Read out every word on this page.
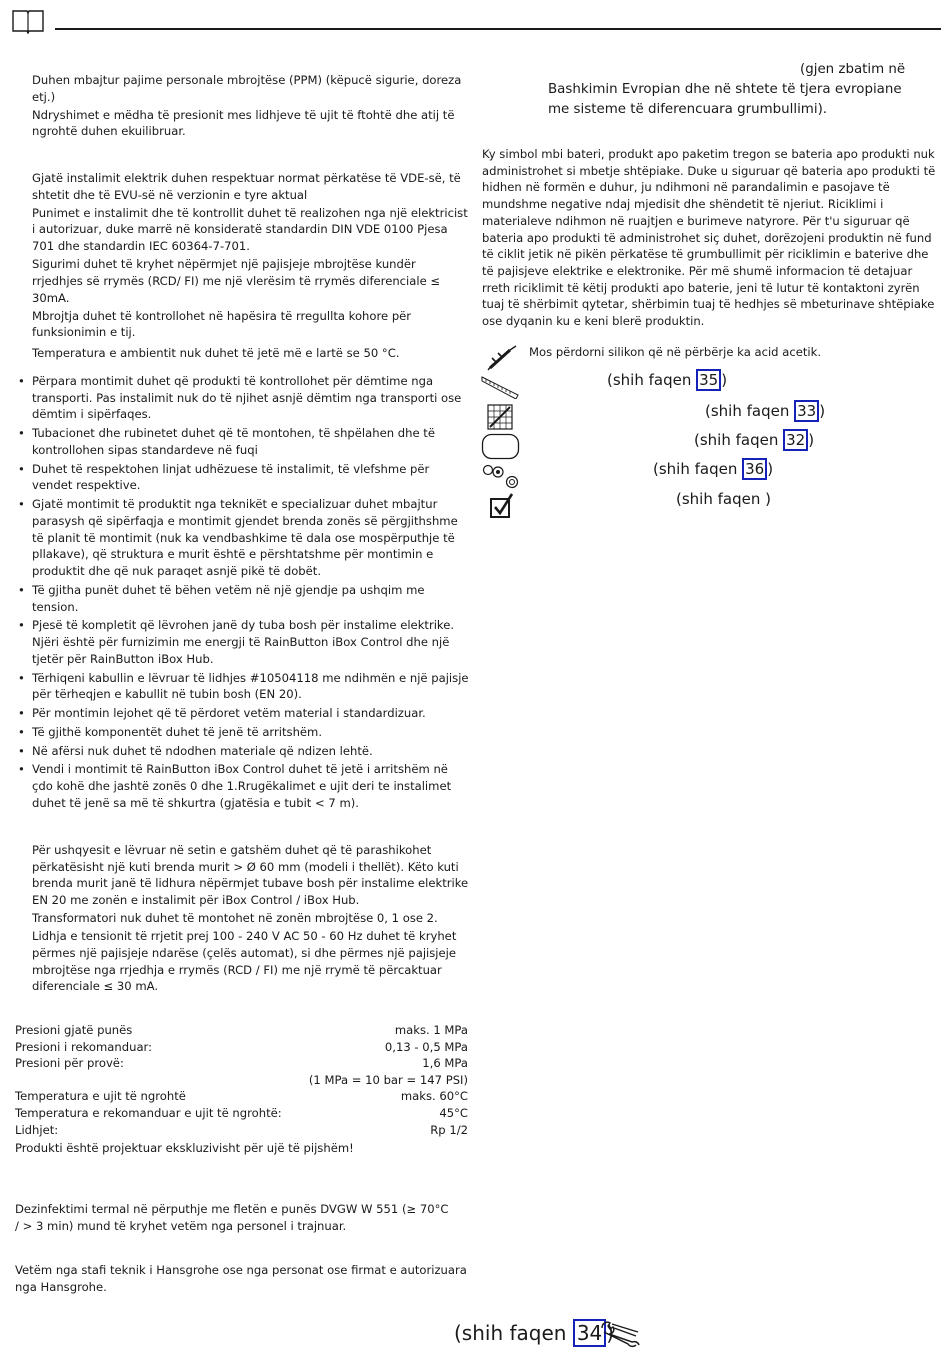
Duhen mbajtur pajime personale mbrojtëse (PPM) (këpucë sigurie, doreza etj.)

Ndryshimet e mëdha të presionit mes lidhjeve të ujit të ftohtë dhe atij të ngrohtë duhen ekuilibruar.

Gjatë instalimit elektrik duhen respektuar normat përkatëse të VDE-së, të shtetit dhe të EVU-së në verzionin e tyre aktual

Punimet e instalimit dhe të kontrollit duhet të realizohen nga një elektricist i autorizuar, duke marrë në konsideratë standardin DIN VDE 0100 Pjesa 701 dhe standardin IEC 60364-7-701.

Sigurimi duhet të kryhet nëpërmjet një pajisjeje mbrojtëse kundër rrjedhjes së rrymës (RCD/ FI) me një vlerësim të rrymës diferenciale ≤ 30mA.

Mbrojtja duhet të kontrollohet në hapësira të rregullta kohore për funksionimin e tij.

Temperatura e ambientit nuk duhet të jetë më e lartë se 50 °C.

• Përpara montimit duhet që produkti të kontrollohet për dëmtime nga transporti. Pas instalimit nuk do të njihet asnjë dëmtim nga transporti ose dëmtim i sipërfaqes.
• Tubacionet dhe rubinetet duhet që të montohen, të shpëlahen dhe të kontrollohen sipas standardeve në fuqi
• Duhet të respektohen linjat udhëzuese të instalimit, të vlefshme për vendet respektive.
• Gjatë montimit të produktit nga teknikët e specializuar duhet mbajtur parasysh që sipërfaqja e montimit gjendet brenda zonës së përgjithshme të planit të montimit (nuk ka vendbashkime të dala ose mospërputhje të pllakave), që struktura e murit është e përshtatshme për montimin e produktit dhe që nuk paraqet asnjë pikë të dobët.
• Të gjitha punët duhet të bëhen vetëm në një gjendje pa ushqim me tension.
• Pjesë të kompletit që lëvrohen janë dy tuba bosh për instalime elektrike. Njëri është për furnizimin me energji të RainButton iBox Control dhe një tjetër për RainButton iBox Hub.
• Tërhiqeni kabullin e lëvruar të lidhjes #10504118 me ndihmën e një pajisje për tërheqjen e kabullit në tubin bosh (EN 20).
• Për montimin lejohet që të përdoret vetëm material i standardizuar.
• Të gjithë komponentët duhet të jenë të arritshëm.
• Në afërsi nuk duhet të ndodhen materiale që ndizen lehtë.
• Vendi i montimit të RainButton iBox Control duhet të jetë i arritshëm në çdo kohë dhe jashtë zonës 0 dhe 1.Rrugëkalimet e ujit deri te instalimet duhet të jenë sa më të shkurtra (gjatësia e tubit < 7 m).

Për ushqyesit e lëvruar në setin e gatshëm duhet që të parashikohet përkatësisht një kuti brenda murit > Ø 60 mm (modeli i thellët). Këto kuti brenda murit janë të lidhura nëpërmjet tubave bosh për instalime elektrike EN 20 me zonën e instalimit për iBox Control / iBox Hub.

Transformatori nuk duhet të montohet në zonën mbrojtëse 0, 1 ose 2.

Lidhja e tensionit të rrjetit prej 100 - 240 V AC 50 - 60 Hz duhet të kryhet përmes një pajisjeje ndarëse (çelës automat), si dhe përmes një pajisjeje mbrojtëse nga rrjedhja e rrymës (RCD / FI) me një rrymë të përcaktuar diferenciale ≤ 30 mA.

Presioni gjatë punës	maks. 1 MPa
Presioni i rekomanduar:	0,13 - 0,5 MPa
Presioni për provë:	1,6 MPa
(1 MPa = 10 bar = 147 PSI)
Temperatura e ujit të ngrohtë	maks. 60°C
Temperatura e rekomanduar e ujit të ngrohtë:	45°C
Lidhjet:	Rp 1/2
Produkti është projektuar ekskluzivisht për ujë të pijshëm!
Dezinfektimi termal në përputhje me fletën e punës DVGW W 551 (≥ 70°C / > 3 min) mund të kryhet vetëm nga personel i trajnuar.
Vetëm nga stafi teknik i Hansgrohe ose nga personat ose firmat e autorizuara nga Hansgrohe.
(gjen zbatim në
Bashkimin Evropian dhe në shtete të tjera evropiane me sisteme të diferencuara grumbullimi).
Ky simbol mbi bateri, produkt apo paketim tregon se bateria apo produkti nuk administrohet si mbetje shtëpiake. Duke u siguruar që bateria apo produkti të hidhen në formën e duhur, ju ndihmoni në parandalimin e pasojave të mundshme negative ndaj mjedisit dhe shëndetit të njeriut. Riciklimi i materialeve ndihmon në ruajtjen e burimeve natyrore. Për t'u siguruar që bateria apo produkti të administrohet siç duhet, dorëzojeni produktin në fund të ciklit jetik në pikën përkatëse të grumbullimit për riciklimin e baterive dhe të pajisjeve elektrike e elektronike. Për më shumë informacion të detajuar rreth riciklimit të këtij produkti apo baterie, jeni të lutur të kontaktoni zyrën tuaj të shërbimit qytetar, shërbimin tuaj të hedhjes së mbeturinave shtëpiake ose dyqanin ku e keni blerë produktin.
Mos përdorni silikon që në përbërje ka acid acetik.
(shih faqen 35 )
(shih faqen 33 )
(shih faqen 32 )
(shih faqen 36 )
(shih faqen )
(shih faqen 34 )
